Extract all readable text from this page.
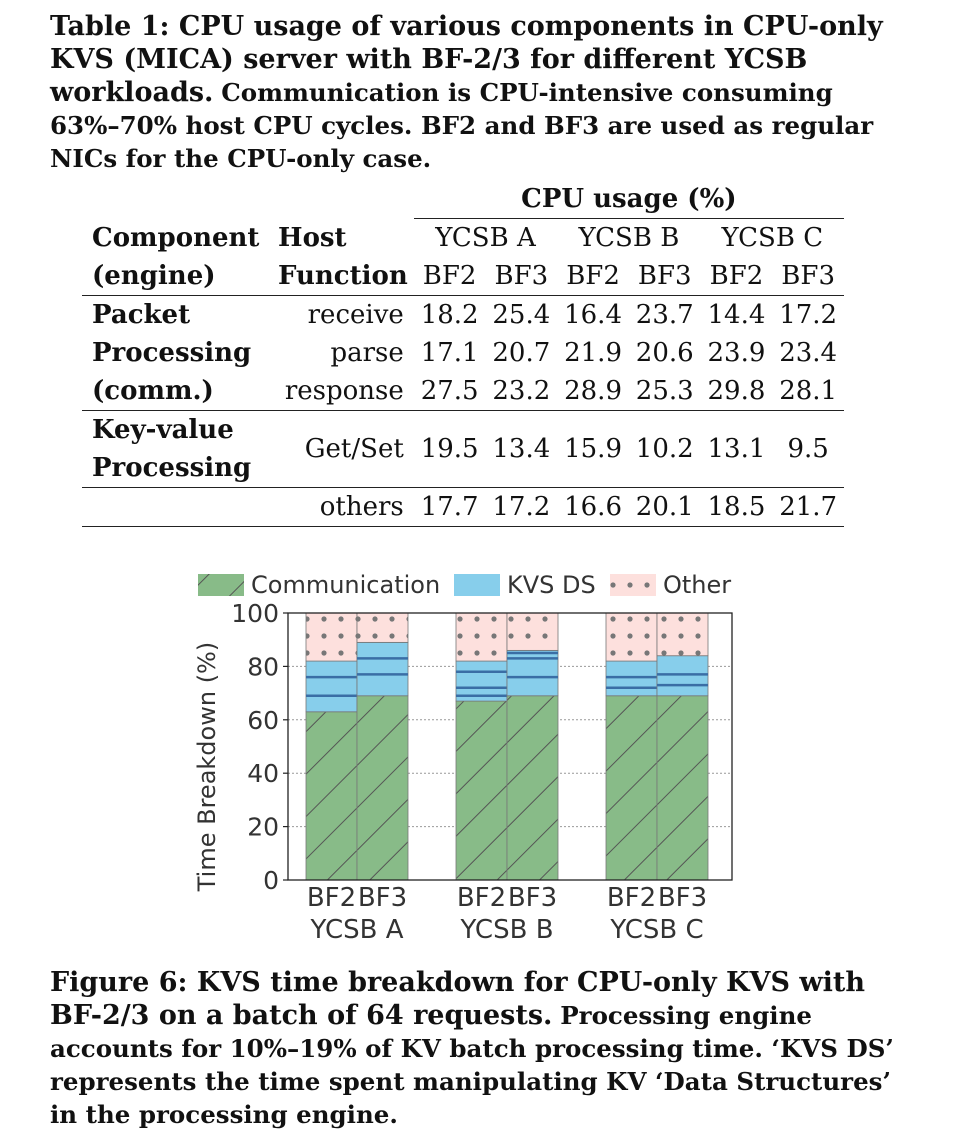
Table 1: CPU usage of various components in CPU-only KVS (MICA) server with BF-2/3 for different YCSB workloads. Communication is CPU-intensive consuming 63%–70% host CPU cycles. BF2 and BF3 are used as regular NICs for the CPU-only case.
		CPU usage (%)					
Component	Host	YCSB A		YCSB B		YCSB C	
(engine)	Function	BF2	BF3	BF2	BF3	BF2	BF3
Packet	receive	18.2	25.4	16.4	23.7	14.4	17.2
Processing	parse	17.1	20.7	21.9	20.6	23.9	23.4
(comm.)	response	27.5	23.2	28.9	25.3	29.8	28.1
Key-value
Processing	Get/Set	19.5	13.4	15.9	10.2	13.1	9.5
	others	17.7	17.2	16.6	20.1	18.5	21.7
0
20
40
60
80
100
Time Breakdown (%)
BF2 BF3
YCSB A
BF2 BF3
YCSB B
BF2 BF3
YCSB C
Communication	KVS DS	Other
Figure 6: KVS time breakdown for CPU-only KVS with BF-2/3 on a batch of 64 requests. Processing engine accounts for 10%–19% of KV batch processing time. ‘KVS DS’ represents the time spent manipulating KV ‘Data Structures’ in the processing engine.
